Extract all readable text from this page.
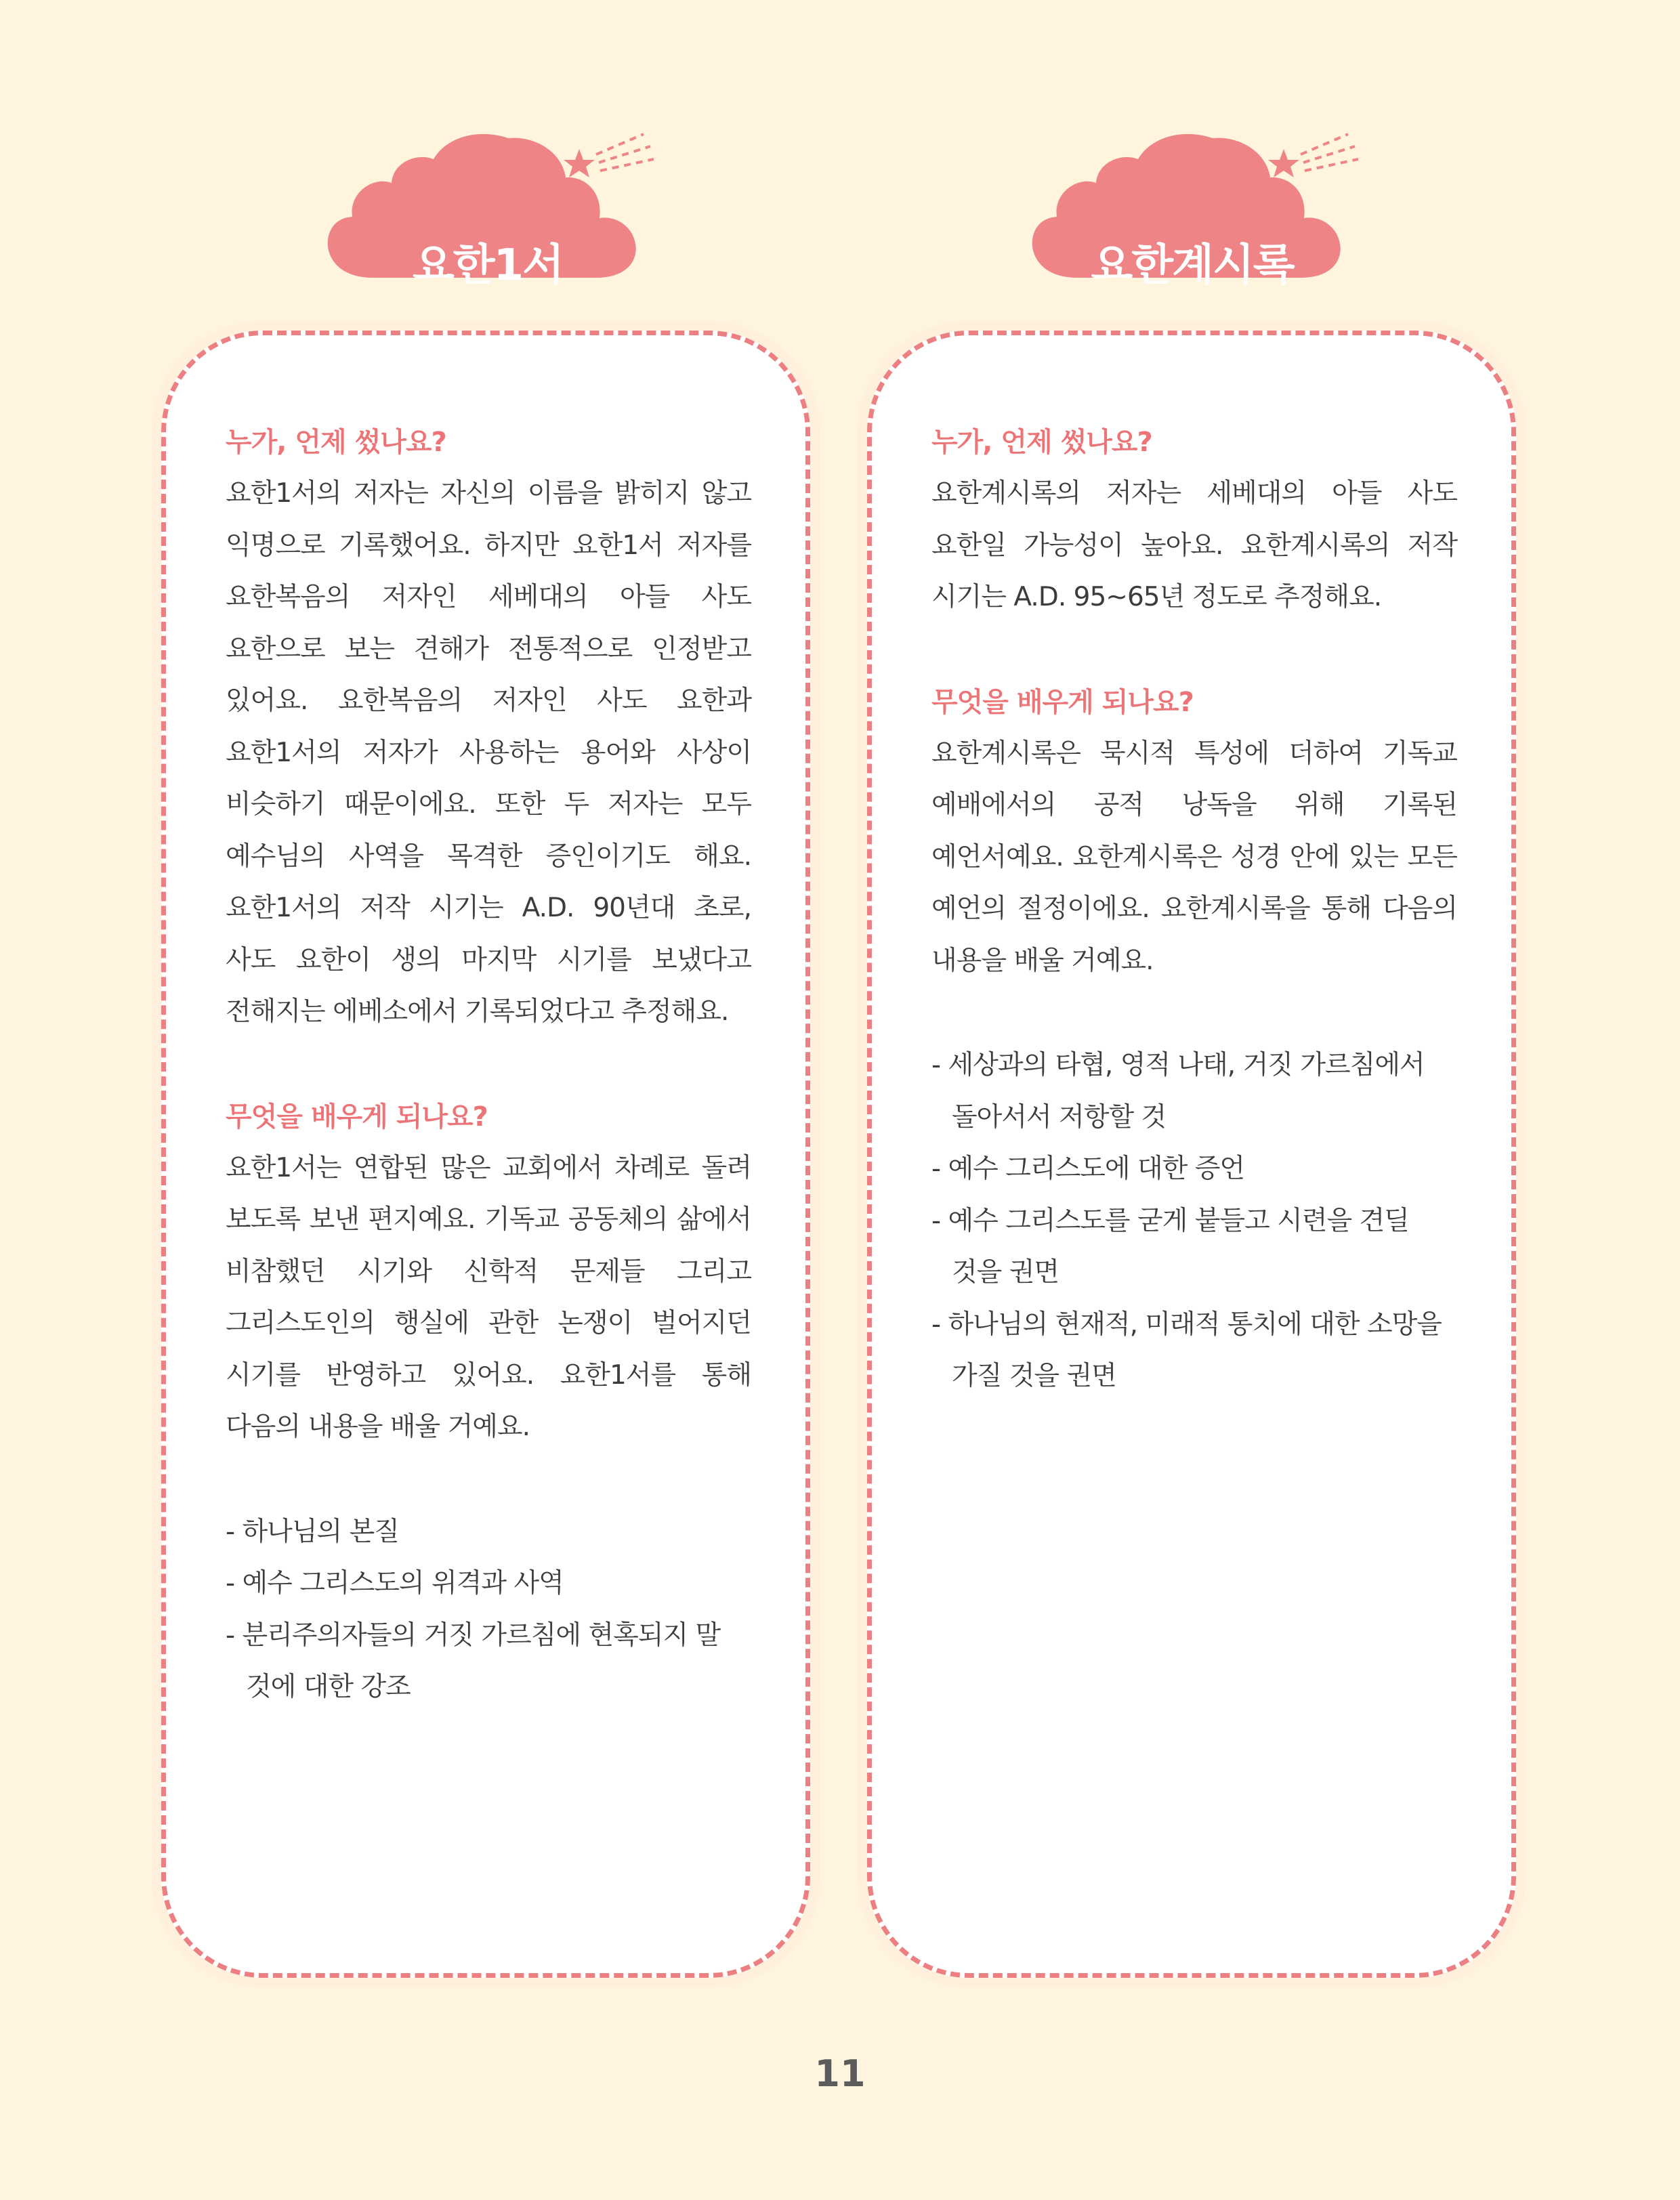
요한1서	요한계시록
누가, 언제 썼나요?
요한1서의 저자는 자신의 이름을 밝히지 않고 익명으로 기록했어요. 하지만 요한1서 저자를 요한복음의 저자인 세베대의 아들 사도 요한으로 보는 견해가 전통적으로 인정받고 있어요. 요한복음의 저자인 사도 요한과 요한1서의 저자가 사용하는 용어와 사상이 비슷하기 때문이에요. 또한 두 저자는 모두 예수님의 사역을 목격한 증인이기도 해요. 요한1서의 저작 시기는 A.D. 90년대 초로, 사도 요한이 생의 마지막 시기를 보냈다고 전해지는 에베소에서 기록되었다고 추정해요.
무엇을 배우게 되나요?
요한1서는 연합된 많은 교회에서 차례로 돌려 보도록 보낸 편지예요. 기독교 공동체의 삶에서 비참했던 시기와 신학적 문제들 그리고 그리스도인의 행실에 관한 논쟁이 벌어지던 시기를 반영하고 있어요. 요한1서를 통해 다음의 내용을 배울 거예요.
- 하나님의 본질
- 예수 그리스도의 위격과 사역
- 분리주의자들의 거짓 가르침에 현혹되지 말 것에 대한 강조
누가, 언제 썼나요?
요한계시록의 저자는 세베대의 아들 사도 요한일 가능성이 높아요. 요한계시록의 저작 시기는 A.D. 95~65년 정도로 추정해요.
무엇을 배우게 되나요?
요한계시록은 묵시적 특성에 더하여 기독교 예배에서의 공적 낭독을 위해 기록된 예언서예요. 요한계시록은 성경 안에 있는 모든 예언의 절정이에요. 요한계시록을 통해 다음의 내용을 배울 거예요.
- 세상과의 타협, 영적 나태, 거짓 가르침에서 돌아서서 저항할 것
- 예수 그리스도에 대한 증언
- 예수 그리스도를 굳게 붙들고 시련을 견딜 것을 권면
- 하나님의 현재적, 미래적 통치에 대한 소망을 가질 것을 권면
11
